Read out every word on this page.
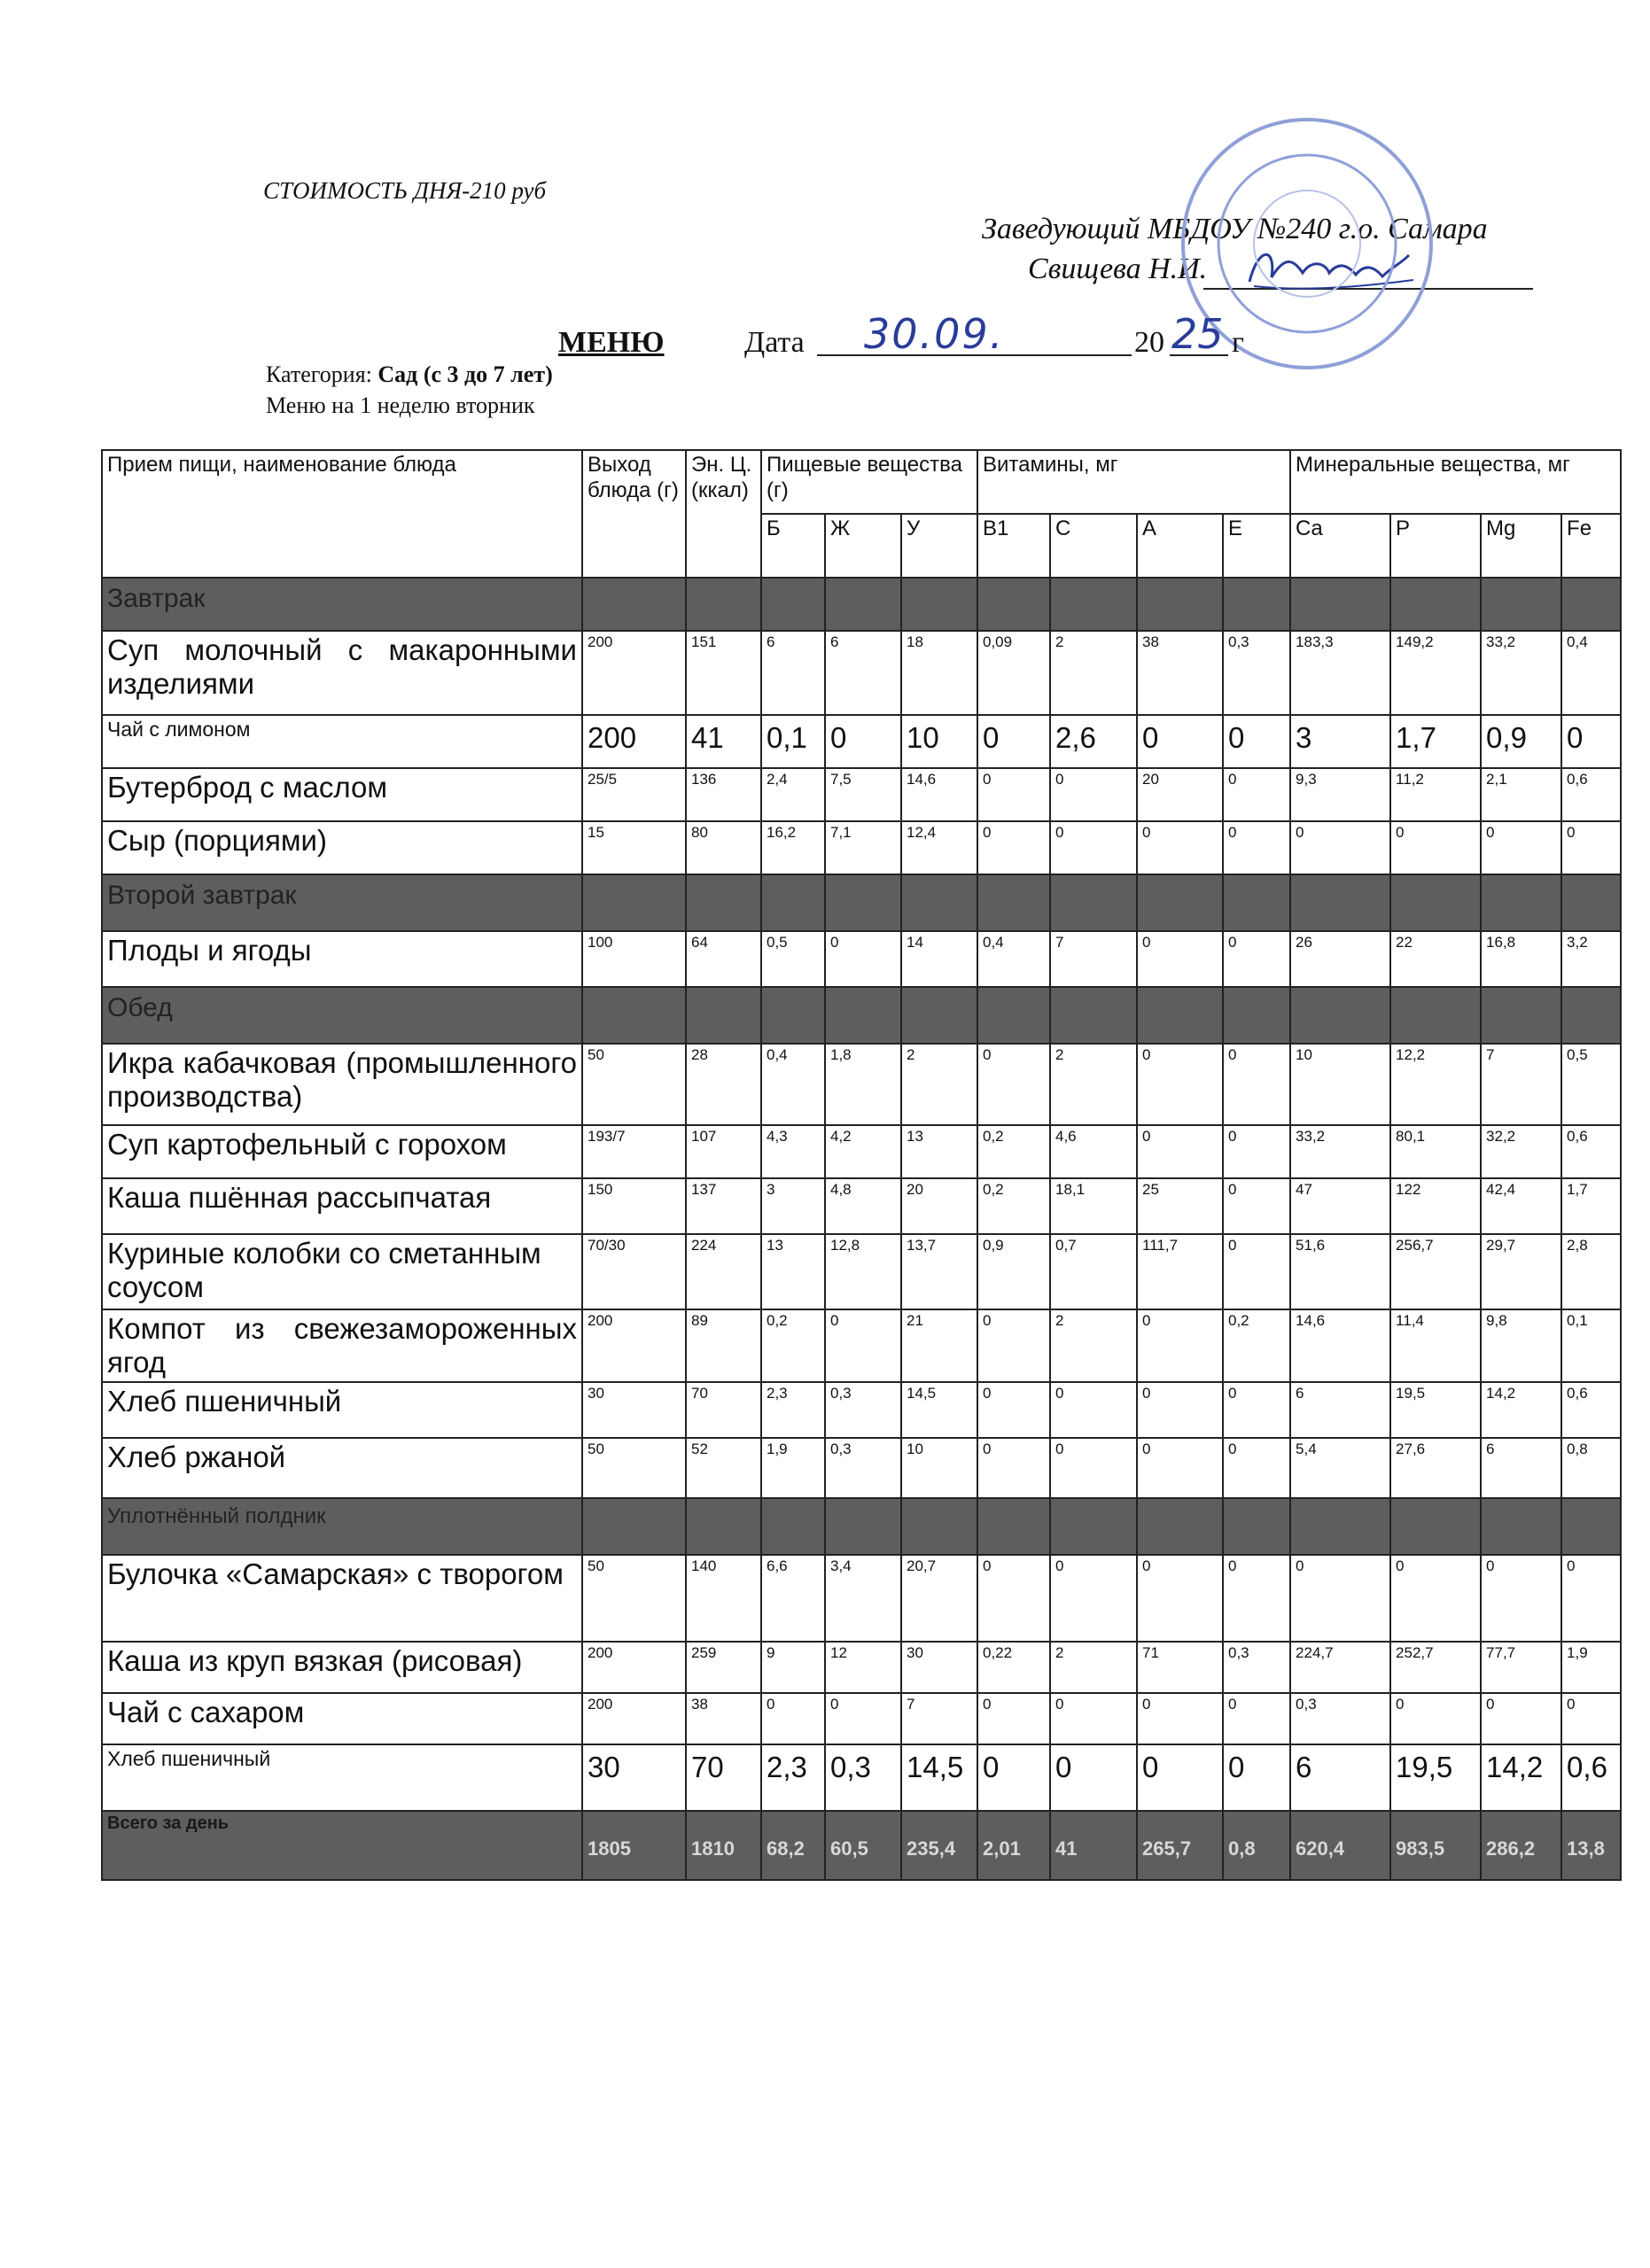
СТОИМОСТЬ ДНЯ-210 руб
Заведующий МБДОУ №240 г.о. Самара
Свищева Н.И.
МЕНЮ	Дата 30.09.	20 25 г
Категория: Сад (с 3 до 7 лет)
Меню на 1 неделю вторник
Прием пищи, наименование блюда	Выход блюда (г)	Эн. Ц. (ккал)	Пищевые вещества (г)			Витамины, мг				Минеральные вещества, мг			
			Б	Ж	У	B1	C	A	E	Ca	P	Mg	Fe
Завтрак													
Суп молочный с макаронными изделиями	200	151	6	6	18	0,09	2	38	0,3	183,3	149,2	33,2	0,4
Чай с лимоном	200	41	0,1	0	10	0	2,6	0	0	3	1,7	0,9	0
Бутерброд с маслом	25/5	136	2,4	7,5	14,6	0	0	20	0	9,3	11,2	2,1	0,6
Сыр (порциями)	15	80	16,2	7,1	12,4	0	0	0	0	0	0	0	0
Второй завтрак													
Плоды и ягоды	100	64	0,5	0	14	0,4	7	0	0	26	22	16,8	3,2
Обед													
Икра кабачковая (промышленного производства)	50	28	0,4	1,8	2	0	2	0	0	10	12,2	7	0,5
Суп картофельный с горохом	193/7	107	4,3	4,2	13	0,2	4,6	0	0	33,2	80,1	32,2	0,6
Каша пшённая рассыпчатая	150	137	3	4,8	20	0,2	18,1	25	0	47	122	42,4	1,7
Куриные колобки со сметанным соусом	70/30	224	13	12,8	13,7	0,9	0,7	111,7	0	51,6	256,7	29,7	2,8
Компот из свежезамороженных ягод	200	89	0,2	0	21	0	2	0	0,2	14,6	11,4	9,8	0,1
Хлеб пшеничный	30	70	2,3	0,3	14,5	0	0	0	0	6	19,5	14,2	0,6
Хлеб ржаной	50	52	1,9	0,3	10	0	0	0	0	5,4	27,6	6	0,8
Уплотнённый полдник													
Булочка «Самарская» с творогом	50	140	6,6	3,4	20,7	0	0	0	0	0	0	0	0
Каша из круп вязкая (рисовая)	200	259	9	12	30	0,22	2	71	0,3	224,7	252,7	77,7	1,9
Чай с сахаром	200	38	0	0	7	0	0	0	0	0,3	0	0	0
Хлеб пшеничный	30	70	2,3	0,3	14,5	0	0	0	0	6	19,5	14,2	0,6
Всего за день	1805	1810	68,2	60,5	235,4	2,01	41	265,7	0,8	620,4	983,5	286,2	13,8
